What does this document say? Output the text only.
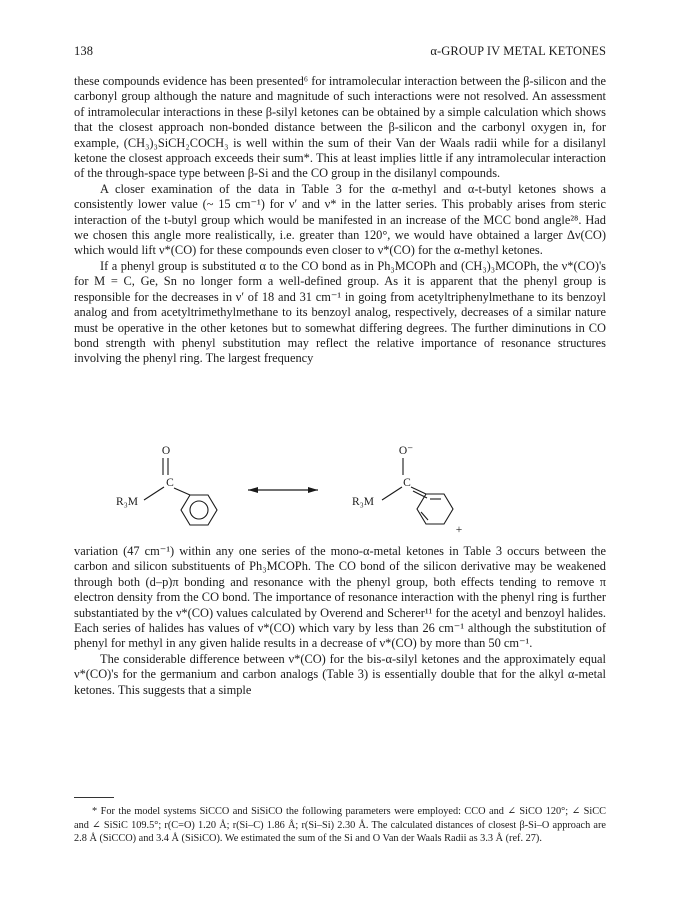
138	α-GROUP IV METAL KETONES

these compounds evidence has been presented⁶ for intramolecular interaction between the β-silicon and the carbonyl group although the nature and magnitude of such interactions were not resolved. An assessment of intramolecular interactions in these β-silyl ketones can be obtained by a simple calculation which shows that the closest approach non-bonded distance between the β-silicon and the carbonyl oxygen in, for example, (CH₃)₃SiCH₂COCH₃ is well within the sum of their Van der Waals radii while for a disilanyl ketone the closest approach exceeds their sum*. This at least implies little if any intramolecular interaction of the through-space type between β-Si and the CO group in the disilanyl compounds.

A closer examination of the data in Table 3 for the α-methyl and α-t-butyl ketones shows a consistently lower value (~ 15 cm⁻¹) for ν′ and ν* in the latter series. This probably arises from steric interaction of the t-butyl group which would be manifested in an increase of the MCC bond angle²⁸. Had we chosen this angle more realistically, i.e. greater than 120°, we would have obtained a larger Δν(CO) which would lift ν*(CO) for these compounds even closer to ν*(CO) for the α-methyl ketones.

If a phenyl group is substituted α to the CO bond as in Ph₃MCOPh and (CH₃)₃MCOPh, the ν*(CO)'s for M = C, Ge, Sn no longer form a well-defined group. As it is apparent that the phenyl group is responsible for the decreases in ν′ of 18 and 31 cm⁻¹ in going from acetyltriphenylmethane to its benzoyl analog and from acetyltrimethylmethane to its benzoyl analog, respectively, decreases of a similar nature must be operative in the other ketones but to somewhat differing degrees. The further diminutions in CO bond strength with phenyl substitution may reflect the relative importance of resonance structures involving the phenyl ring. The largest frequency

O
C
R₃M
O⁻
C
R₃M
+

variation (47 cm⁻¹) within any one series of the mono-α-metal ketones in Table 3 occurs between the carbon and silicon substituents of Ph₃MCOPh. The CO bond of the silicon derivative may be weakened through both (d–p)π bonding and resonance with the phenyl group, both effects tending to remove π electron density from the CO bond. The importance of resonance interaction with the phenyl ring is further substantiated by the ν*(CO) values calculated by Overend and Scherer¹¹ for the acetyl and benzoyl halides. Each series of halides has values of ν*(CO) which vary by less than 26 cm⁻¹ although the substitution of phenyl for methyl in any given halide results in a decrease of ν*(CO) by more than 50 cm⁻¹.

The considerable difference between ν*(CO) for the bis-α-silyl ketones and the approximately equal ν*(CO)'s for the germanium and carbon analogs (Table 3) is essentially double that for the alkyl α-metal ketones. This suggests that a simple

* For the model systems SiCCO and SiSiCO the following parameters were employed: CCO and ∠ SiCO 120°; ∠ SiCC and ∠ SiSiC 109.5°; r(C=O) 1.20 Å; r(Si–C) 1.86 Å; r(Si–Si) 2.30 Å. The calculated distances of closest β-Si–O approach are 2.8 Å (SiCCO) and 3.4 Å (SiSiCO). We estimated the sum of the Si and O Van der Waals Radii as 3.3 Å (ref. 27).
